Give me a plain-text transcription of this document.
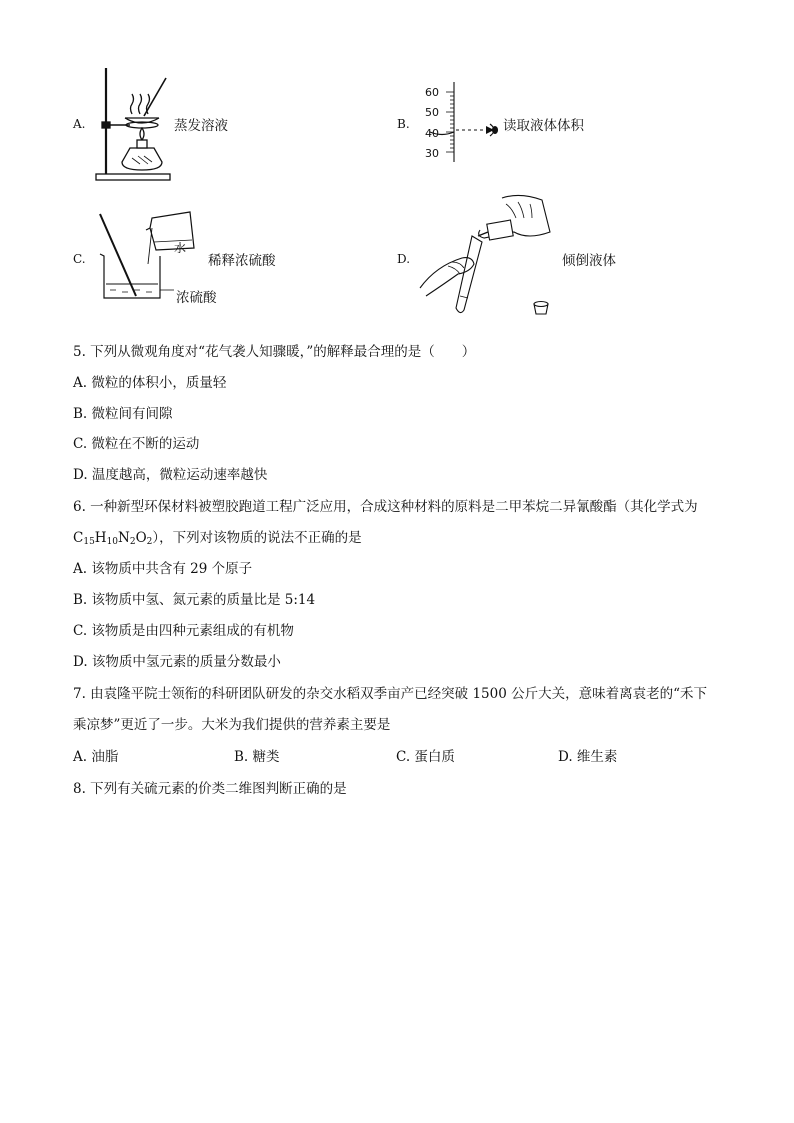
A.	蒸发溶液	B.
60
50
40
30
读取液体体积
C.
水
浓硫酸
稀释浓硫酸	D.	倾倒液体
5. 下列从微观角度对“花气袭人知骤暖，”的解释最合理的是（　　）
A. 微粒的体积小，质量轻
B. 微粒间有间隙
C. 微粒在不断的运动
D. 温度越高，微粒运动速率越快
6. 一种新型环保材料被塑胶跑道工程广泛应用，合成这种材料的原料是二甲苯烷二异氰酸酯（其化学式为
$C_{15}H_{10}N_2O_2$），下列对该物质的说法不正确的是
A. 该物质中共含有 29 个原子
B. 该物质中氢、氮元素的质量比是 5:14
C. 该物质是由四种元素组成的有机物
D. 该物质中氢元素的质量分数最小
7. 由袁隆平院士领衔的科研团队研发的杂交水稻双季亩产已经突破 1500 公斤大关，意味着离袁老的“禾下
乘凉梦”更近了一步。大米为我们提供的营养素主要是
A. 油脂	B. 糖类	C. 蛋白质	D. 维生素
8. 下列有关硫元素的价类二维图判断正确的是
